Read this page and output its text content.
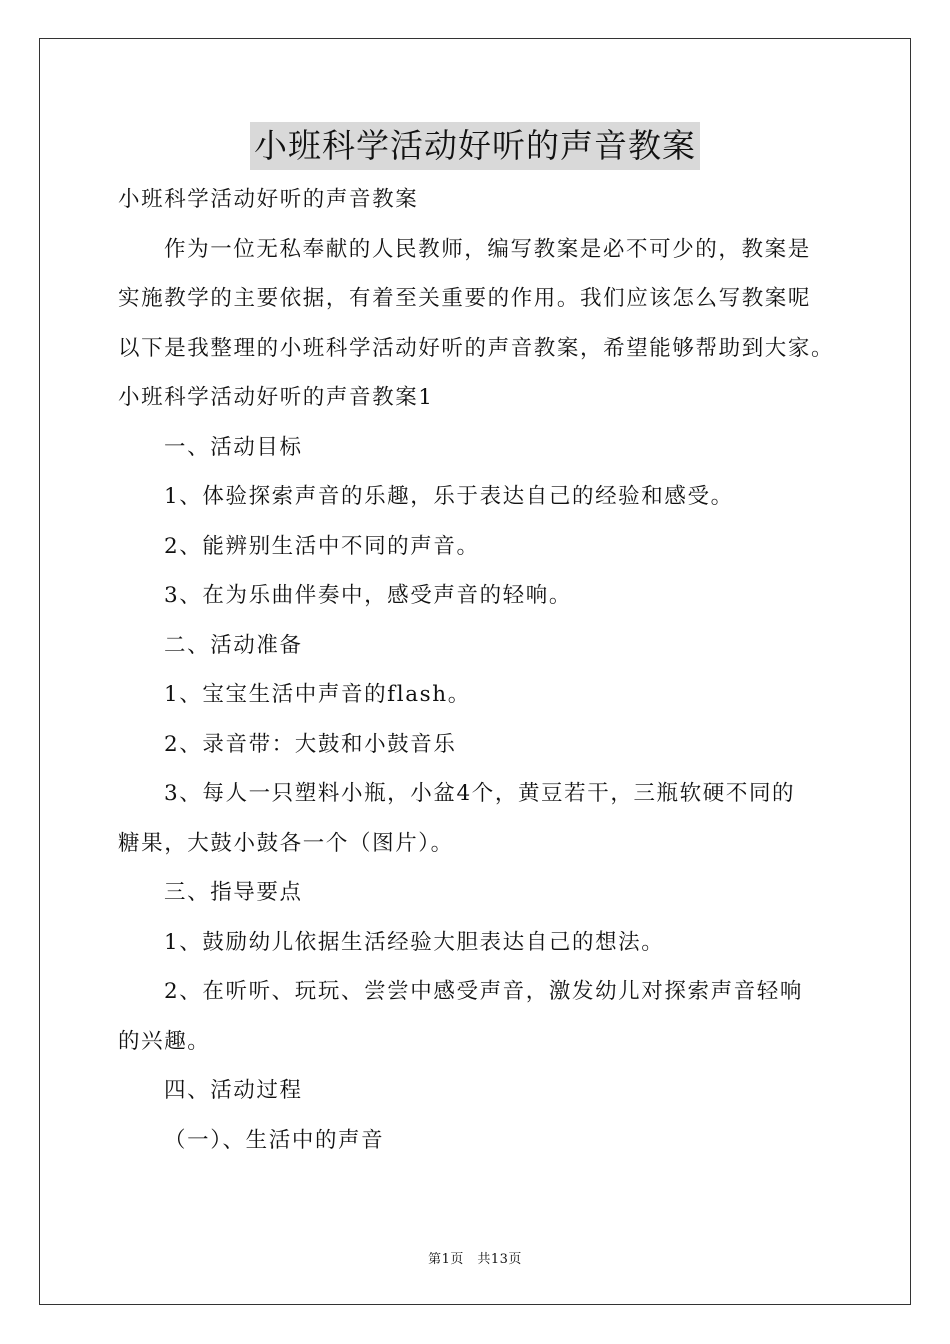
小班科学活动好听的声音教案

小班科学活动好听的声音教案

作为一位无私奉献的人民教师，编写教案是必不可少的，教案是

实施教学的主要依据，有着至关重要的作用。我们应该怎么写教案呢

以下是我整理的小班科学活动好听的声音教案，希望能够帮助到大家。

小班科学活动好听的声音教案1

一、活动目标

1、体验探索声音的乐趣，乐于表达自己的经验和感受。

2、能辨别生活中不同的声音。

3、在为乐曲伴奏中，感受声音的轻响。

二、活动准备

1、宝宝生活中声音的flash。

2、录音带：大鼓和小鼓音乐

3、每人一只塑料小瓶，小盆4个，黄豆若干，三瓶软硬不同的

糖果，大鼓小鼓各一个（图片）。

三、指导要点

1、鼓励幼儿依据生活经验大胆表达自己的想法。

2、在听听、玩玩、尝尝中感受声音，激发幼儿对探索声音轻响

的兴趣。

四、活动过程

（一）、生活中的声音

第1页　共13页
